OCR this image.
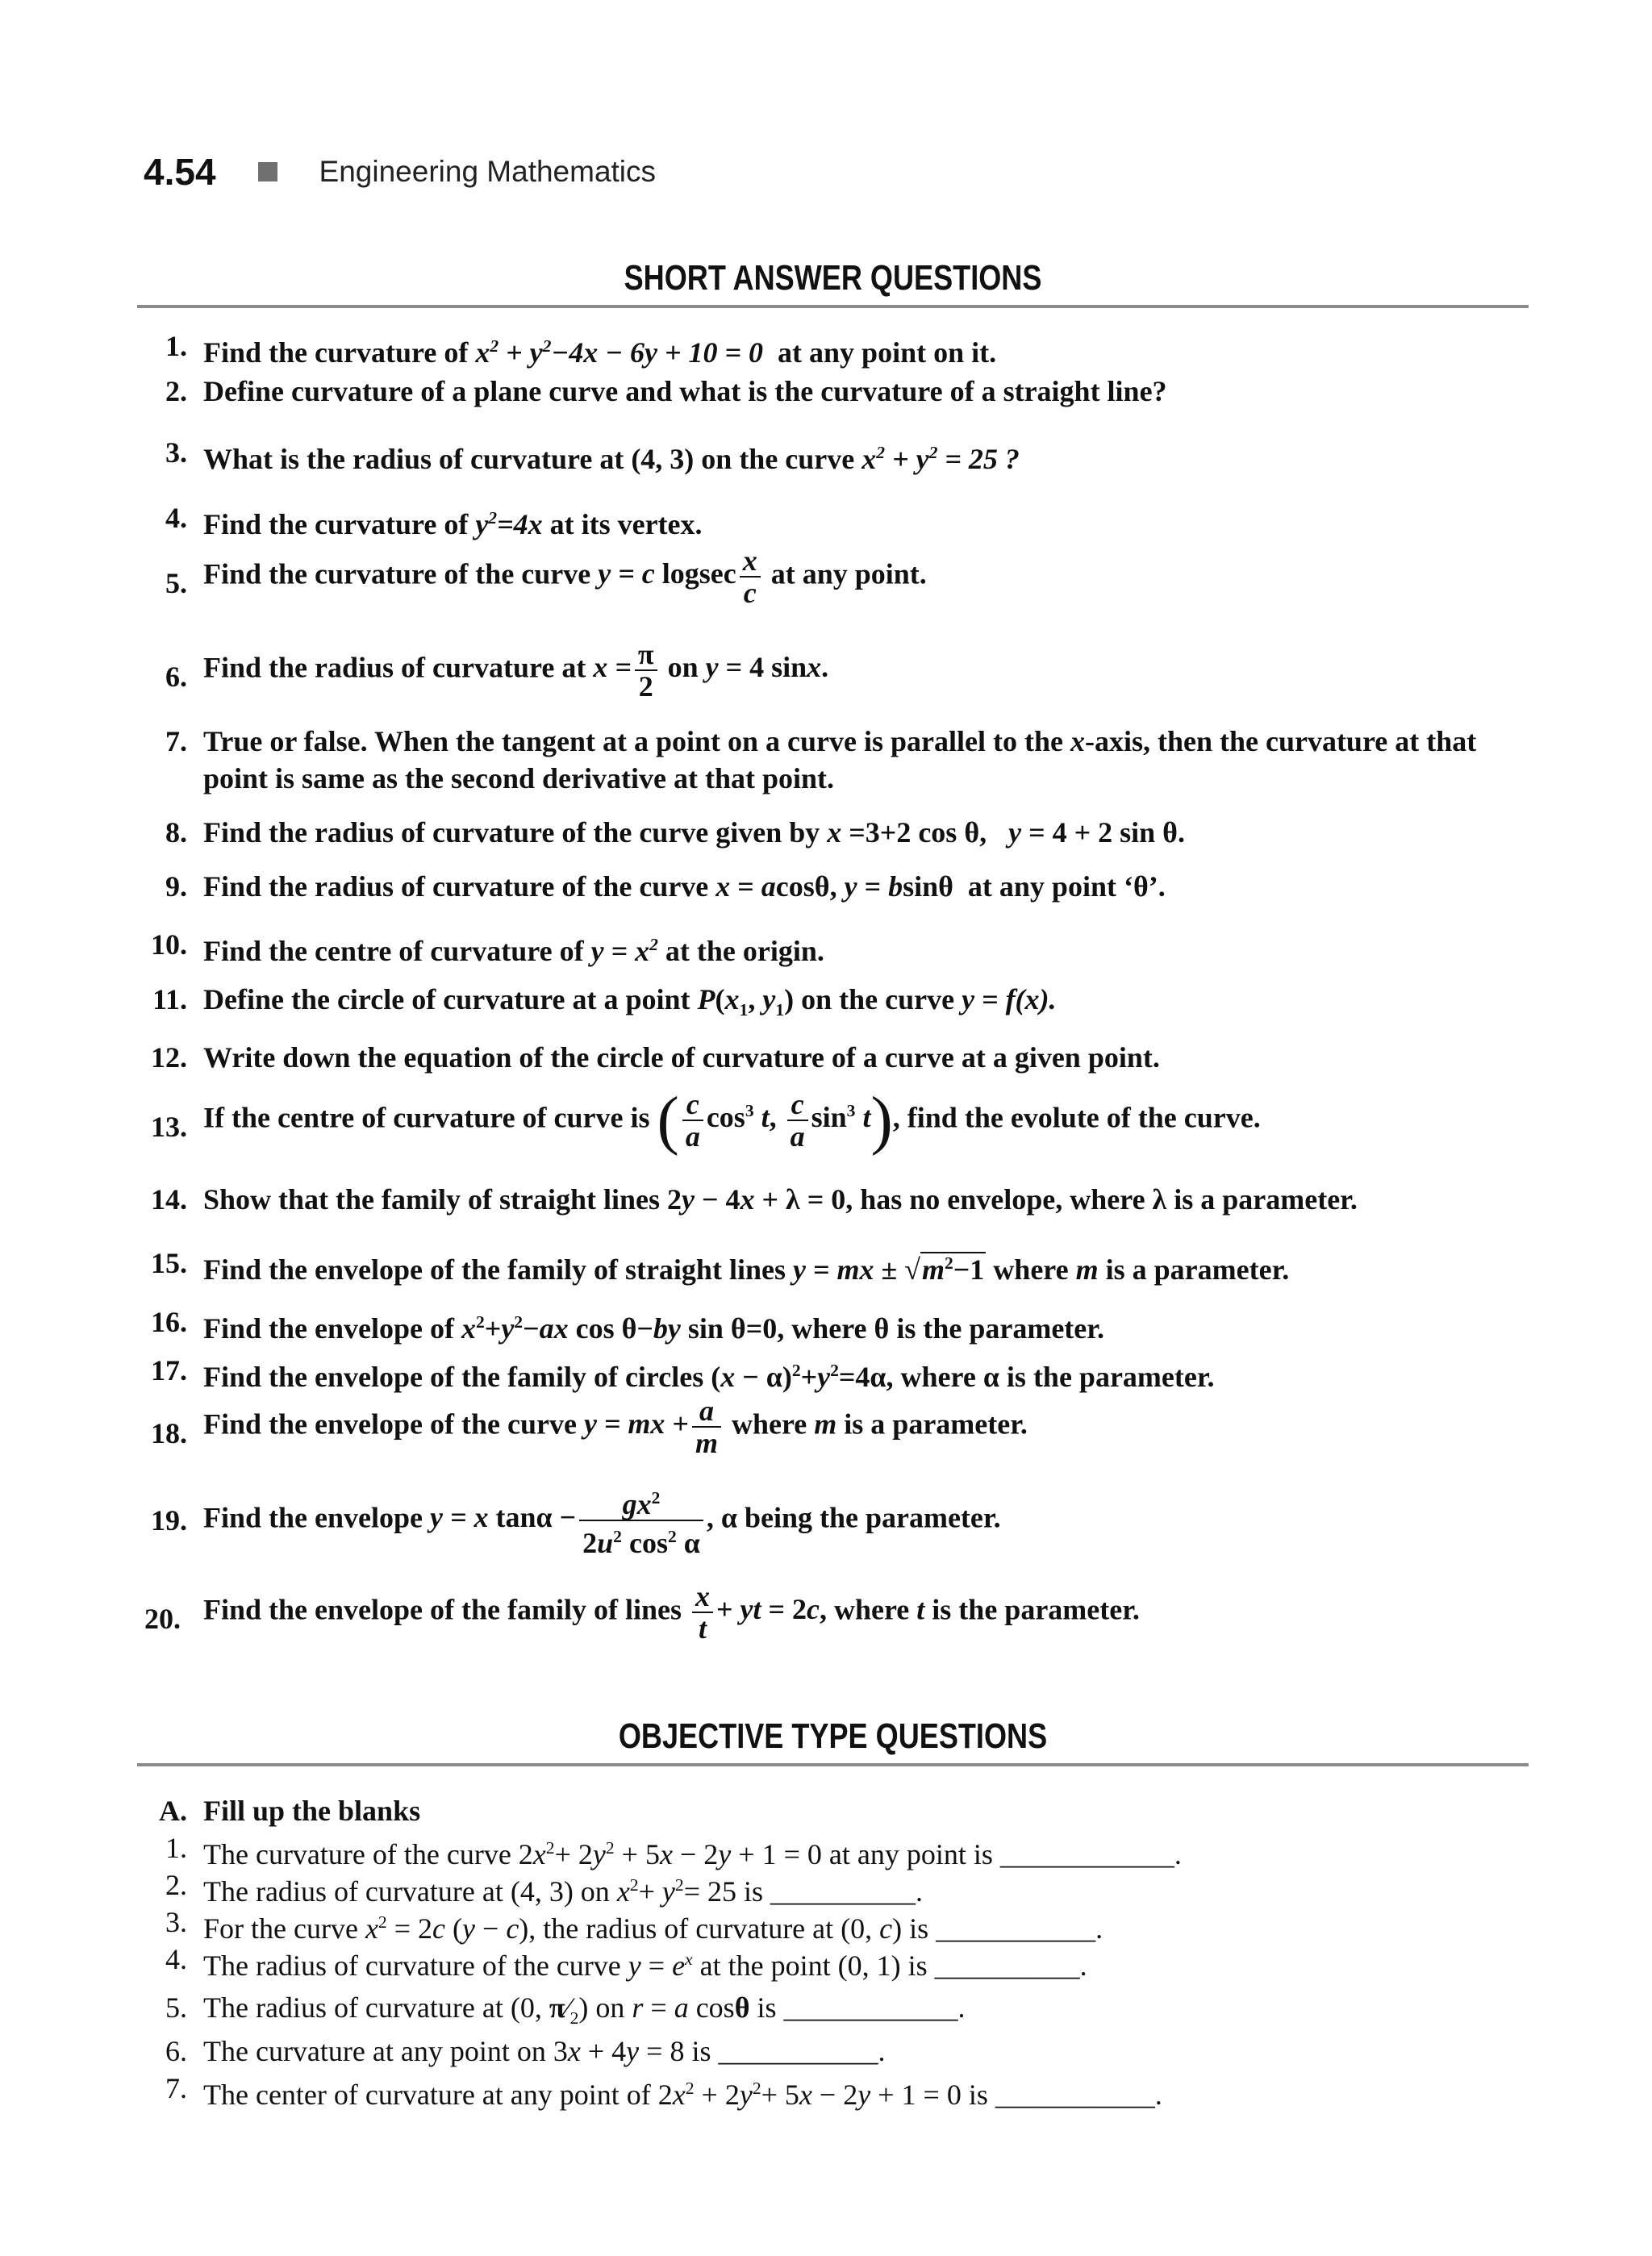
4.54	Engineering Mathematics
SHORT ANSWER QUESTIONS
1. Find the curvature of $x^2 + y^2-4x - 6y + 10 = 0$ at any point on it.
2. Define curvature of a plane curve and what is the curvature of a straight line?
3. What is the radius of curvature at (4, 3) on the curve $x^2 + y^2 = 25$ ?
4. Find the curvature of $y^2=4x$ at its vertex.
5. Find the curvature of the curve y = c logsec $\frac{x}{c}$ at any point.
6. Find the radius of curvature at $x = \frac{\pi}{2}$ on y = 4 sinx.
7. True or false. When the tangent at a point on a curve is parallel to the x-axis, then the curvature at that point is same as the second derivative at that point.
8. Find the radius of curvature of the curve given by x =3+2 cos θ,   y = 4 + 2 sin θ.
9. Find the radius of curvature of the curve x = acosθ, y = bsinθ at any point ‘θ’.
10. Find the centre of curvature of $y = x^2$ at the origin.
11. Define the circle of curvature at a point $P(x_1$, $y_1$) on the curve y = f(x).
12. Write down the equation of the circle of curvature of a curve at a given point.
13. If the centre of curvature of curve is ( $\frac{c}{a} \cos^3 t$, $\frac{c}{a} \sin^3 t$), find the evolute of the curve.
14. Show that the family of straight lines 2y − 4x + λ = 0, has no envelope, where λ is a parameter.
15. Find the envelope of the family of straight lines y = mx ± $√m^2-1$ where m is a parameter.
16. Find the envelope of $x^2+y^2-ax$ cos θ−by sin θ=0, where θ is the parameter.
17. Find the envelope of the family of circles $(x - \alpha)^2+y^2=4\alpha$, where α is the parameter.
18. Find the envelope of the curve y = mx + $\frac{a}{m}$ where m is a parameter.
19. Find the envelope y = x $\tan\alpha - \frac{gx^2}{2u^2 \cos^2 \alpha}$ , α being the parameter.
20. Find the envelope of the family of lines $\frac{x}{t}$ + yt = 2c, where t is the parameter.
OBJECTIVE TYPE QUESTIONS
A. Fill up the blanks
1. The curvature of the curve $2x^2+ 2y^2 + 5x - 2y + 1 = 0$ at any point is ____________.
2. The radius of curvature at (4, 3) on $x^2+ y^2= 25$ is __________.
3. For the curve $x^2 = 2c$ (y − c), the radius of curvature at (0, c) is ___________.
4. The radius of curvature of the curve $y = e^x$ at the point (0, 1) is __________.
5. The radius of curvature at (0, $\pi⁄_2$) on r = a cosθ is ____________.
6. The curvature at any point on 3x + 4y = 8 is ___________.
7. The center of curvature at any point of $2x^2 + 2y^2+ 5x - 2y + 1 = 0$ is ___________.
